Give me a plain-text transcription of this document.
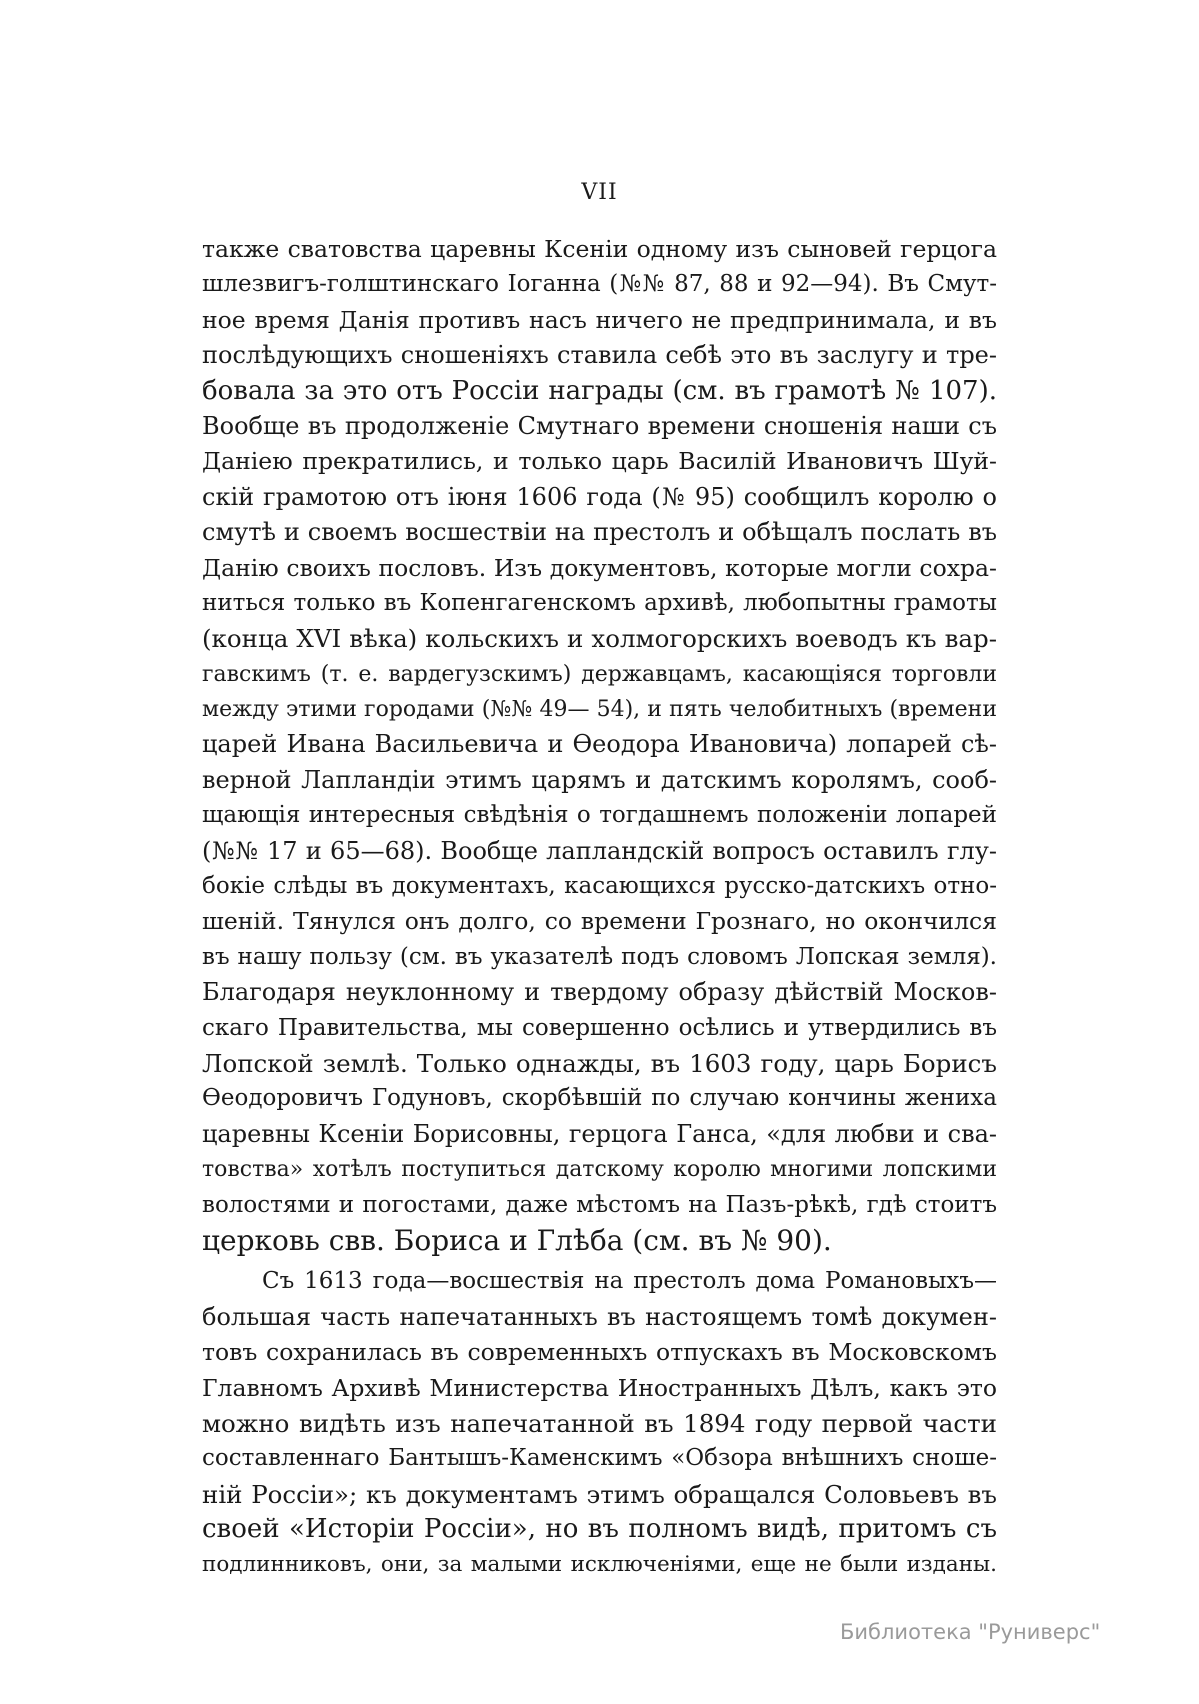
VII
также сватовства царевны Ксеніи одному изъ сыновей герцога
шлезвигъ-голштинскаго Іоганна (№№ 87, 88 и 92—94). Въ Смут-
ное время Данія противъ насъ ничего не предпринимала, и въ
послѣдующихъ сношеніяхъ ставила себѣ это въ заслугу и тре-
бовала за это отъ Россіи награды (см. въ грамотѣ № 107).
Вообще въ продолженіе Смутнаго времени сношенія наши съ
Даніею прекратились, и только царь Василій Ивановичъ Шуй-
скій грамотою отъ іюня 1606 года (№ 95) сообщилъ королю о
смутѣ и своемъ восшествіи на престолъ и обѣщалъ послать въ
Данію своихъ пословъ. Изъ документовъ, которые могли сохра-
ниться только въ Копенгагенскомъ архивѣ, любопытны грамоты
(конца XVI вѣка) кольскихъ и холмогорскихъ воеводъ къ вар-
гавскимъ (т. е. вардегузскимъ) державцамъ, касающіяся торговли
между этими городами (№№ 49— 54), и пять челобитныхъ (времени
царей Ивана Васильевича и Ѳеодора Ивановича) лопарей сѣ-
верной Лапландіи этимъ царямъ и датскимъ королямъ, сооб-
щающія интересныя свѣдѣнія о тогдашнемъ положеніи лопарей
(№№ 17 и 65—68). Вообще лапландскій вопросъ оставилъ глу-
бокіе слѣды въ документахъ, касающихся русско-датскихъ отно-
шеній. Тянулся онъ долго, со времени Грознаго, но окончился
въ нашу пользу (см. въ указателѣ подъ словомъ Лопская земля).
Благодаря неуклонному и твердому образу дѣйствій Москов-
скаго Правительства, мы совершенно осѣлись и утвердились въ
Лопской землѣ. Только однажды, въ 1603 году, царь Борисъ
Ѳеодоровичъ Годуновъ, скорбѣвшій по случаю кончины жениха
царевны Ксеніи Борисовны, герцога Ганса, «для любви и сва-
товства» хотѣлъ поступиться датскому королю многими лопскими
волостями и погостами, даже мѣстомъ на Пазъ-рѣкѣ, гдѣ стоитъ
церковь свв. Бориса и Глѣба (см. въ № 90).
Съ 1613 года—восшествія на престолъ дома Романовыхъ—
большая часть напечатанныхъ въ настоящемъ томѣ докумен-
товъ сохранилась въ современныхъ отпускахъ въ Московскомъ
Главномъ Архивѣ Министерства Иностранныхъ Дѣлъ, какъ это
можно видѣть изъ напечатанной въ 1894 году первой части
составленнаго Бантышъ-Каменскимъ «Обзора внѣшнихъ сноше-
ній Россіи»; къ документамъ этимъ обращался Соловьевъ въ
своей «Исторіи Россіи», но въ полномъ видѣ, притомъ съ
подлинниковъ, они, за малыми исключеніями, еще не были изданы.
Библиотека "Руниверс"
